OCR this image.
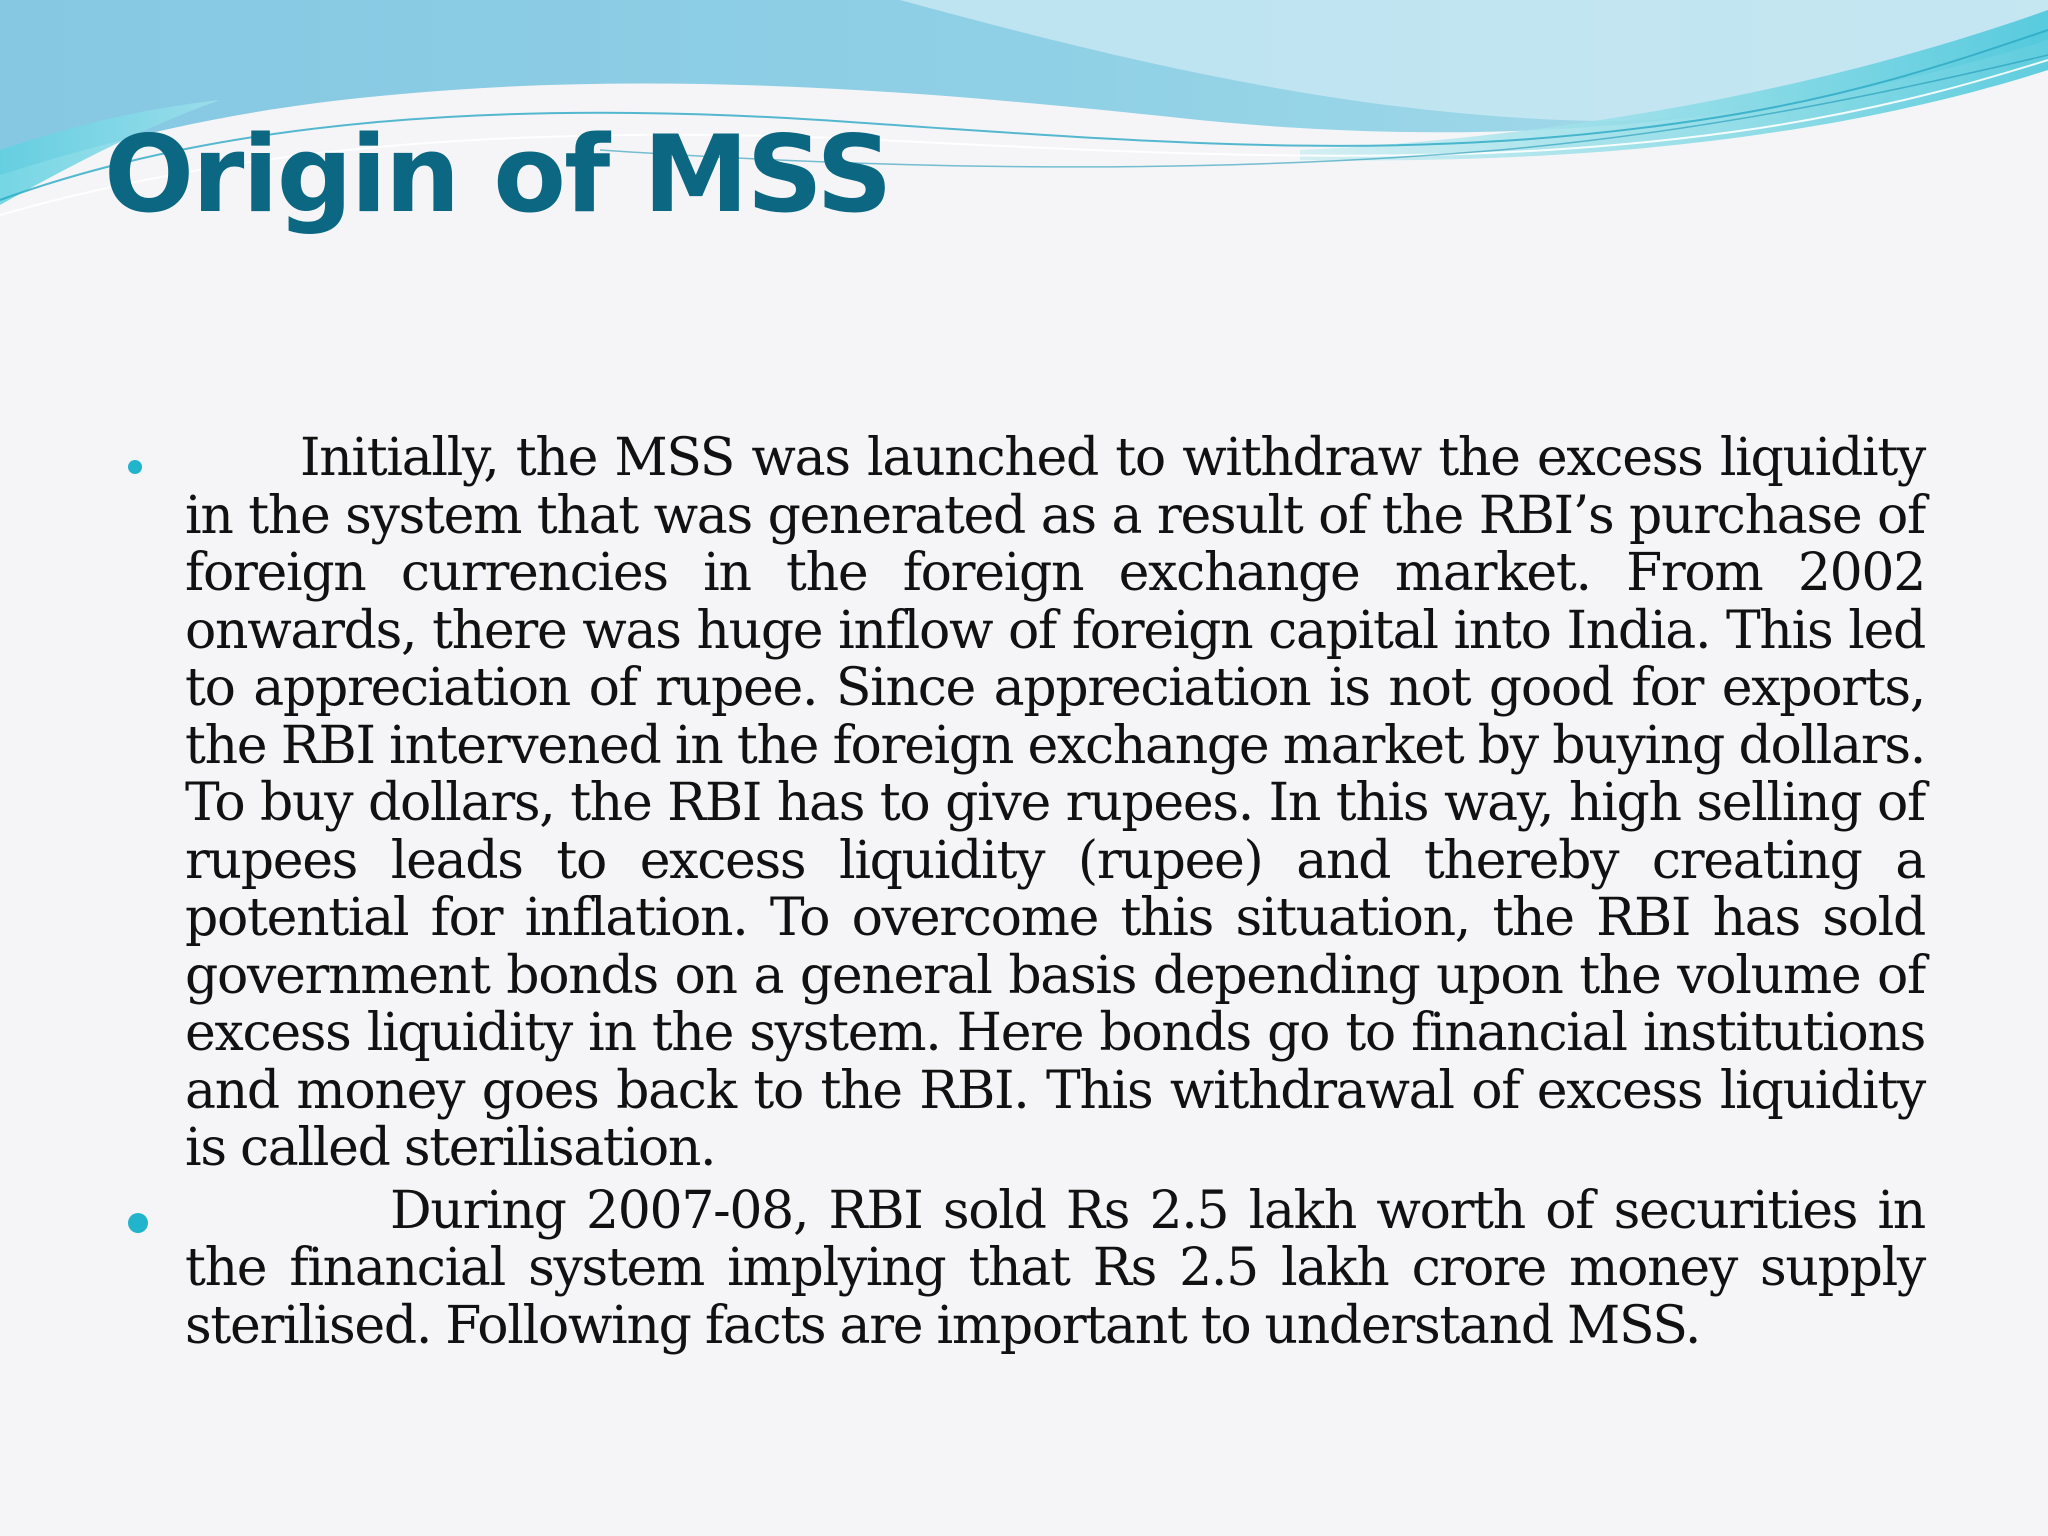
Origin of MSS

Initially, the MSS was launched to withdraw the excess liquidity in the system that was generated as a result of the RBI’s purchase of foreign currencies in the foreign exchange market. From 2002 onwards, there was huge inflow of foreign capital into India. This led to appreciation of rupee. Since appreciation is not good for exports, the RBI intervened in the foreign exchange market by buying dollars. To buy dollars, the RBI has to give rupees. In this way, high selling of rupees leads to excess liquidity (rupee) and thereby creating a potential for inflation. To overcome this situation, the RBI has sold government bonds on a general basis depending upon the volume of excess liquidity in the system. Here bonds go to financial institutions and money goes back to the RBI. This withdrawal of excess liquidity is called sterilisation.

During 2007-08, RBI sold Rs 2.5 lakh worth of securities in the financial system implying that Rs 2.5 lakh crore money supply sterilised. Following facts are important to understand MSS.
